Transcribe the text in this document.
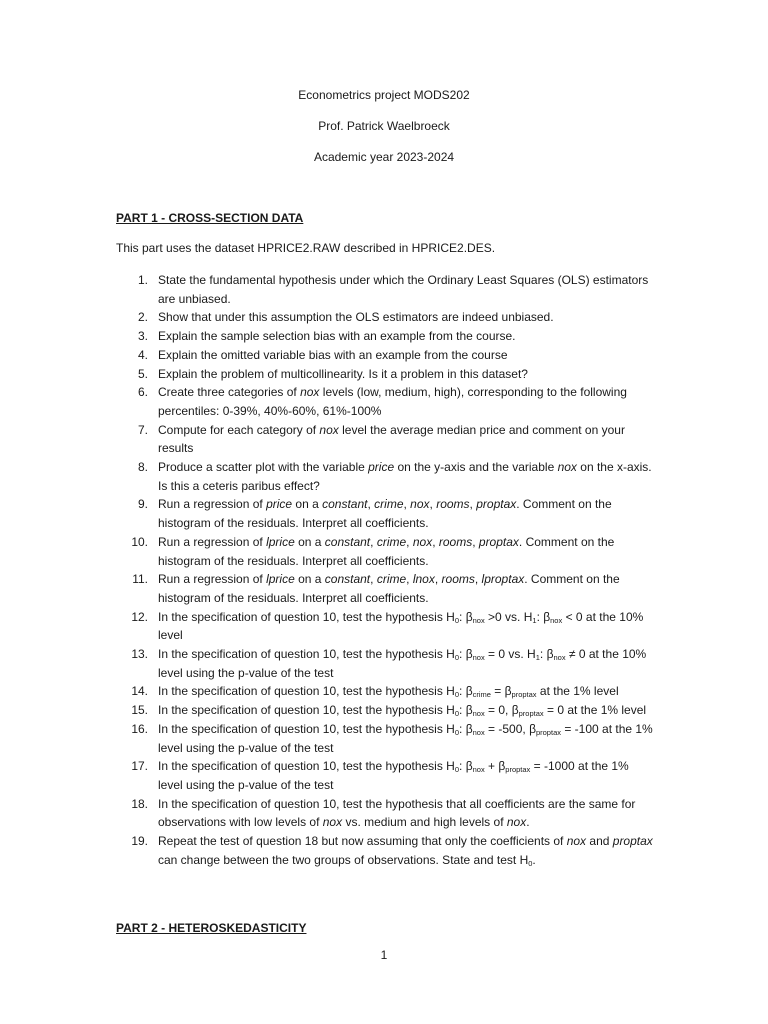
Econometrics project MODS202
Prof. Patrick Waelbroeck
Academic year 2023-2024
PART 1 - CROSS-SECTION DATA
This part uses the dataset HPRICE2.RAW described in HPRICE2.DES.
1. State the fundamental hypothesis under which the Ordinary Least Squares (OLS) estimators are unbiased.
2. Show that under this assumption the OLS estimators are indeed unbiased.
3. Explain the sample selection bias with an example from the course.
4. Explain the omitted variable bias with an example from the course
5. Explain the problem of multicollinearity. Is it a problem in this dataset?
6. Create three categories of nox levels (low, medium, high), corresponding to the following percentiles: 0-39%, 40%-60%, 61%-100%
7. Compute for each category of nox level the average median price and comment on your results
8. Produce a scatter plot with the variable price on the y-axis and the variable nox on the x-axis. Is this a ceteris paribus effect?
9. Run a regression of price on a constant, crime, nox, rooms, proptax. Comment on the histogram of the residuals. Interpret all coefficients.
10. Run a regression of lprice on a constant, crime, nox, rooms, proptax. Comment on the histogram of the residuals. Interpret all coefficients.
11. Run a regression of lprice on a constant, crime, lnox, rooms, lproptax. Comment on the histogram of the residuals. Interpret all coefficients.
12. In the specification of question 10, test the hypothesis $H_0$: $\beta_{nox} >0$ vs. $H_1$: $\beta_{nox} < 0$ at the 10% level
13. In the specification of question 10, test the hypothesis $H_0$: $\beta_{nox} = 0$ vs. $H_1$: $\beta_{nox} \ne 0$ at the 10% level using the p-value of the test
14. In the specification of question 10, test the hypothesis $H_0$: $\beta_{crime} = \beta_{proptax}$ at the 1% level
15. In the specification of question 10, test the hypothesis $H_0$: $\beta_{nox} = 0$, $\beta_{proptax} = 0$ at the 1% level
16. In the specification of question 10, test the hypothesis $H_0$: $\beta_{nox} = -500$, $\beta_{proptax} = -100$ at the 1% level using the p-value of the test
17. In the specification of question 10, test the hypothesis $H_0$: $\beta_{nox} + \beta_{proptax} = -1000$ at the 1% level using the p-value of the test
18. In the specification of question 10, test the hypothesis that all coefficients are the same for observations with low levels of nox vs. medium and high levels of nox.
19. Repeat the test of question 18 but now assuming that only the coefficients of nox and proptax can change between the two groups of observations. State and test $H_0$.
PART 2 - HETEROSKEDASTICITY
1
